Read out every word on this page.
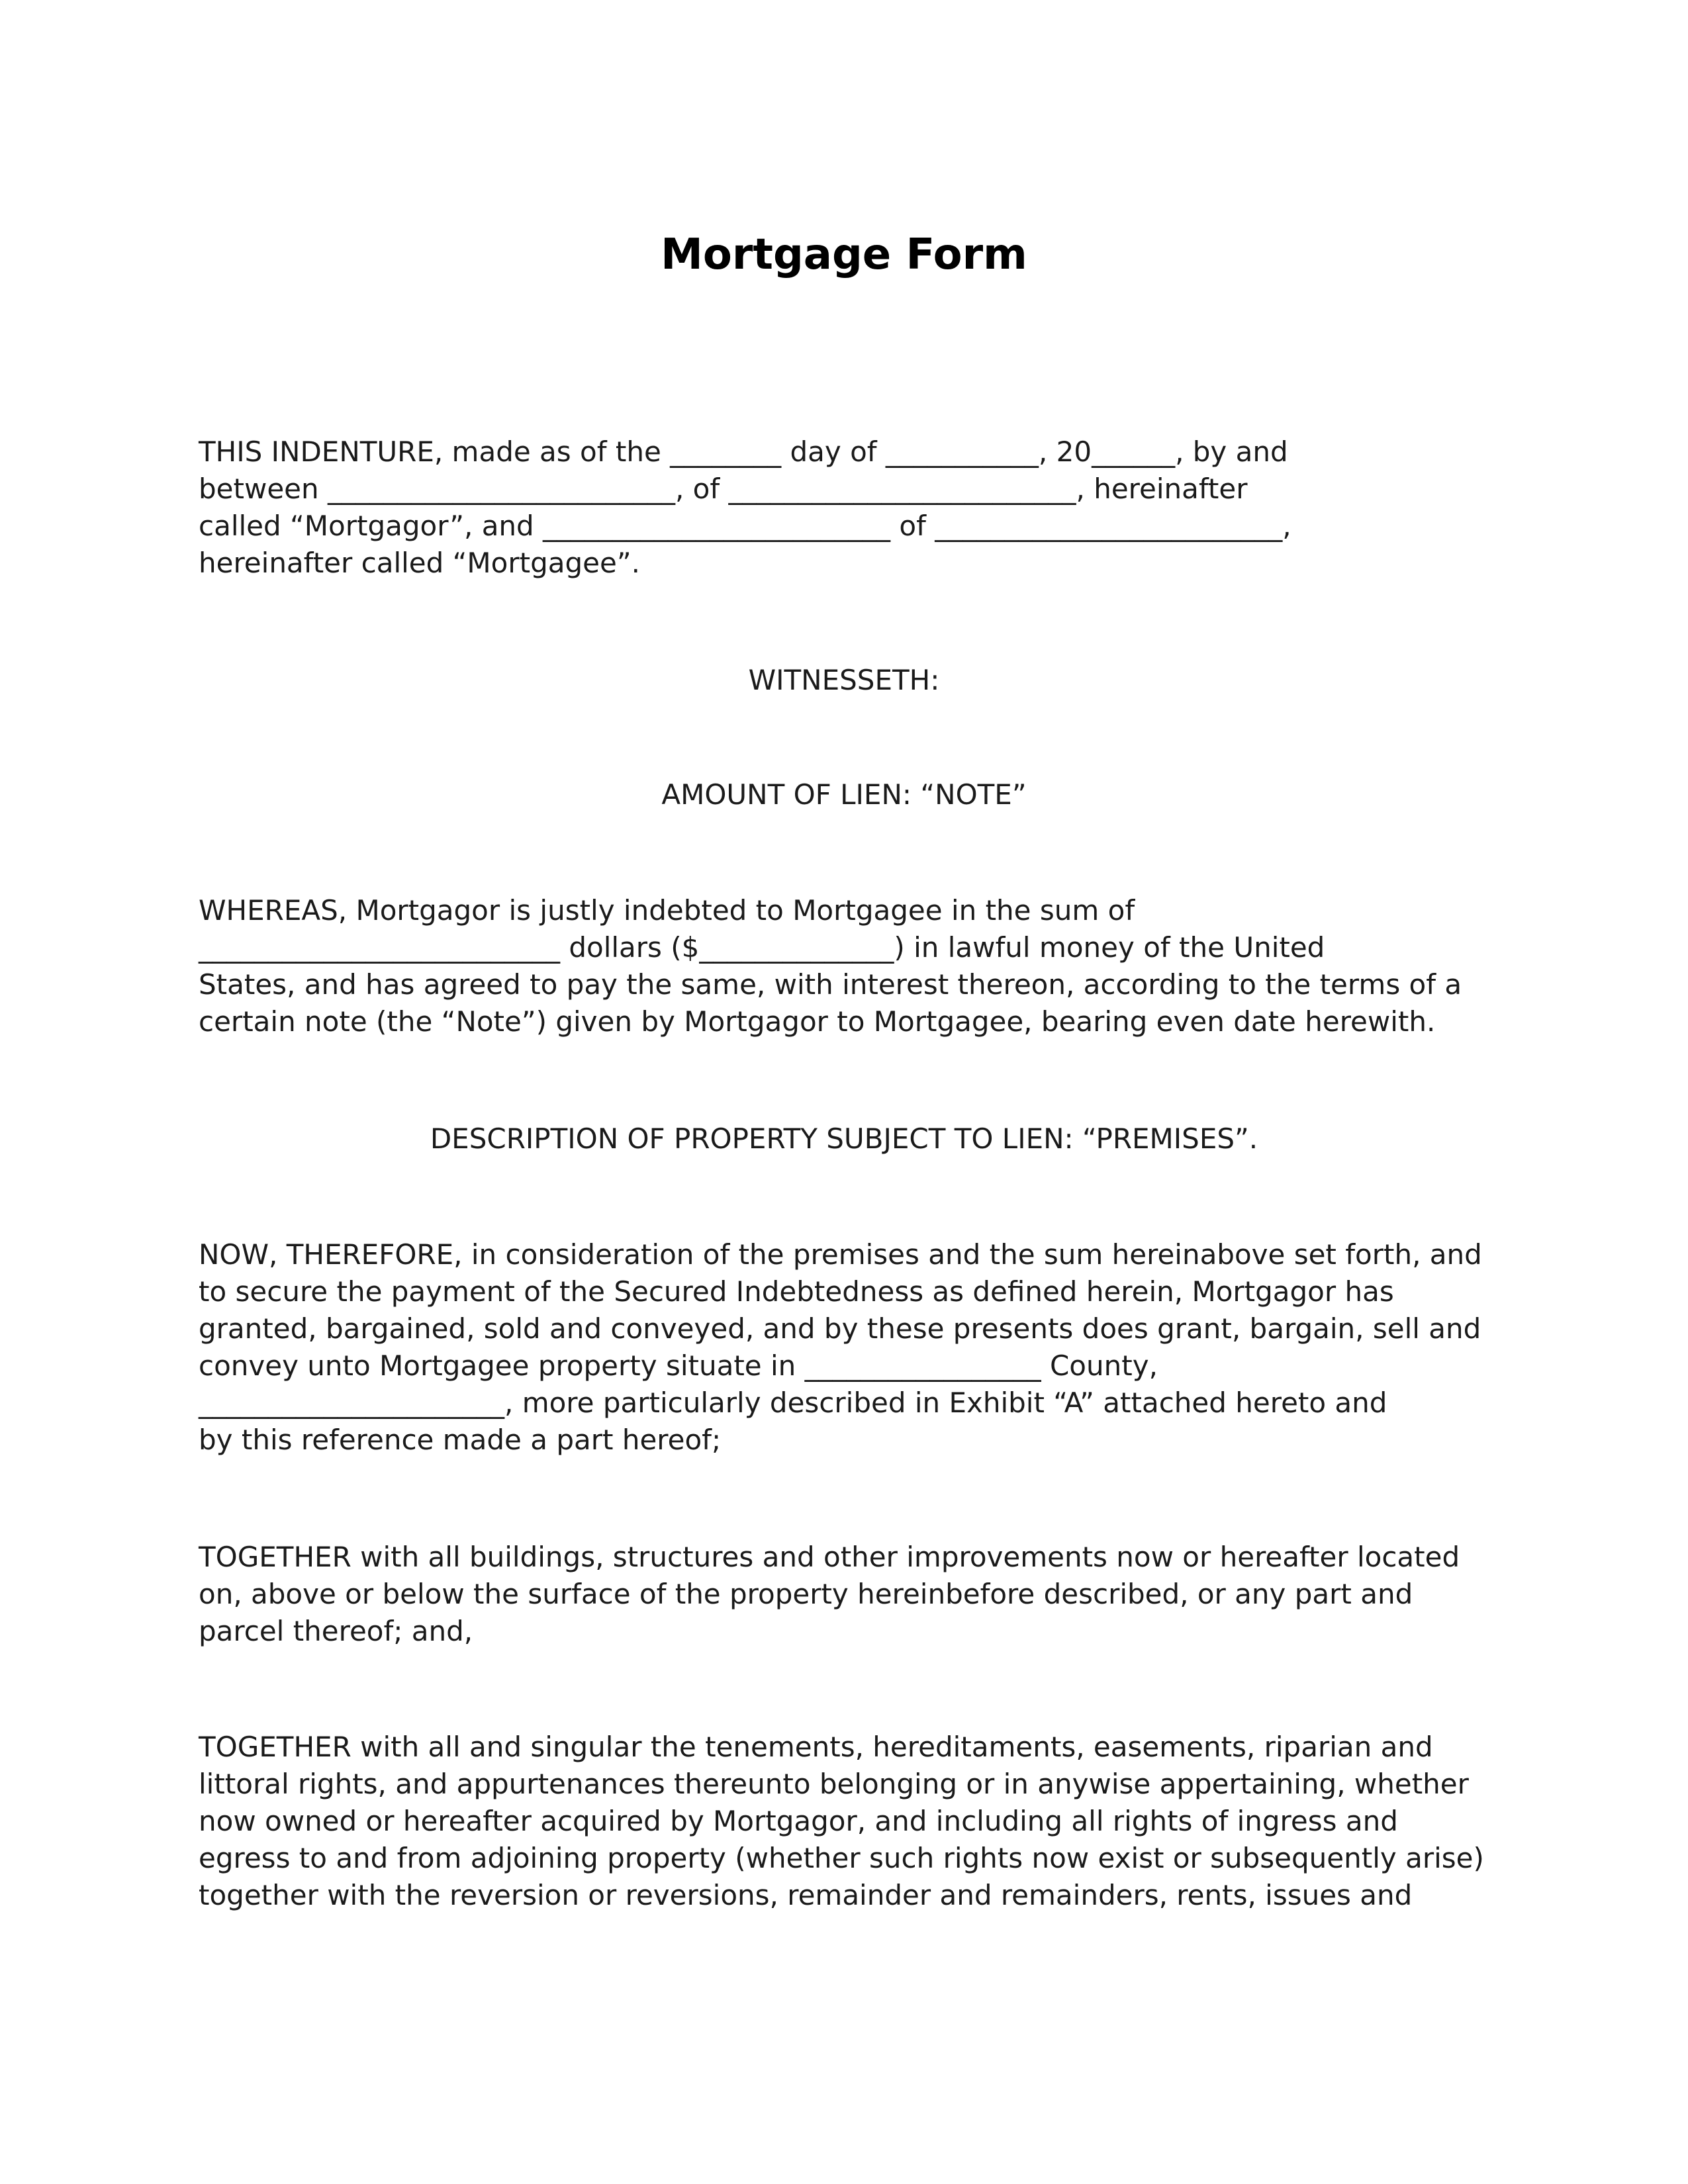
Mortgage Form

THIS INDENTURE, made as of the ________ day of ___________, 20______, by and

between _________________________, of _________________________, hereinafter

called “Mortgagor”, and _________________________ of _________________________,

hereinafter called “Mortgagee”.

WITNESSETH:

AMOUNT OF LIEN: “NOTE”

WHEREAS, Mortgagor is justly indebted to Mortgagee in the sum of

__________________________ dollars ($______________) in lawful money of the United

States, and has agreed to pay the same, with interest thereon, according to the terms of a

certain note (the “Note”) given by Mortgagor to Mortgagee, bearing even date herewith.

DESCRIPTION OF PROPERTY SUBJECT TO LIEN: “PREMISES”.

NOW, THEREFORE, in consideration of the premises and the sum hereinabove set forth, and

to secure the payment of the Secured Indebtedness as defined herein, Mortgagor has

granted, bargained, sold and conveyed, and by these presents does grant, bargain, sell and

convey unto Mortgagee property situate in _________________ County,

______________________, more particularly described in Exhibit “A” attached hereto and

by this reference made a part hereof;

TOGETHER with all buildings, structures and other improvements now or hereafter located

on, above or below the surface of the property hereinbefore described, or any part and

parcel thereof; and,

TOGETHER with all and singular the tenements, hereditaments, easements, riparian and

littoral rights, and appurtenances thereunto belonging or in anywise appertaining, whether

now owned or hereafter acquired by Mortgagor, and including all rights of ingress and

egress to and from adjoining property (whether such rights now exist or subsequently arise)

together with the reversion or reversions, remainder and remainders, rents, issues and
